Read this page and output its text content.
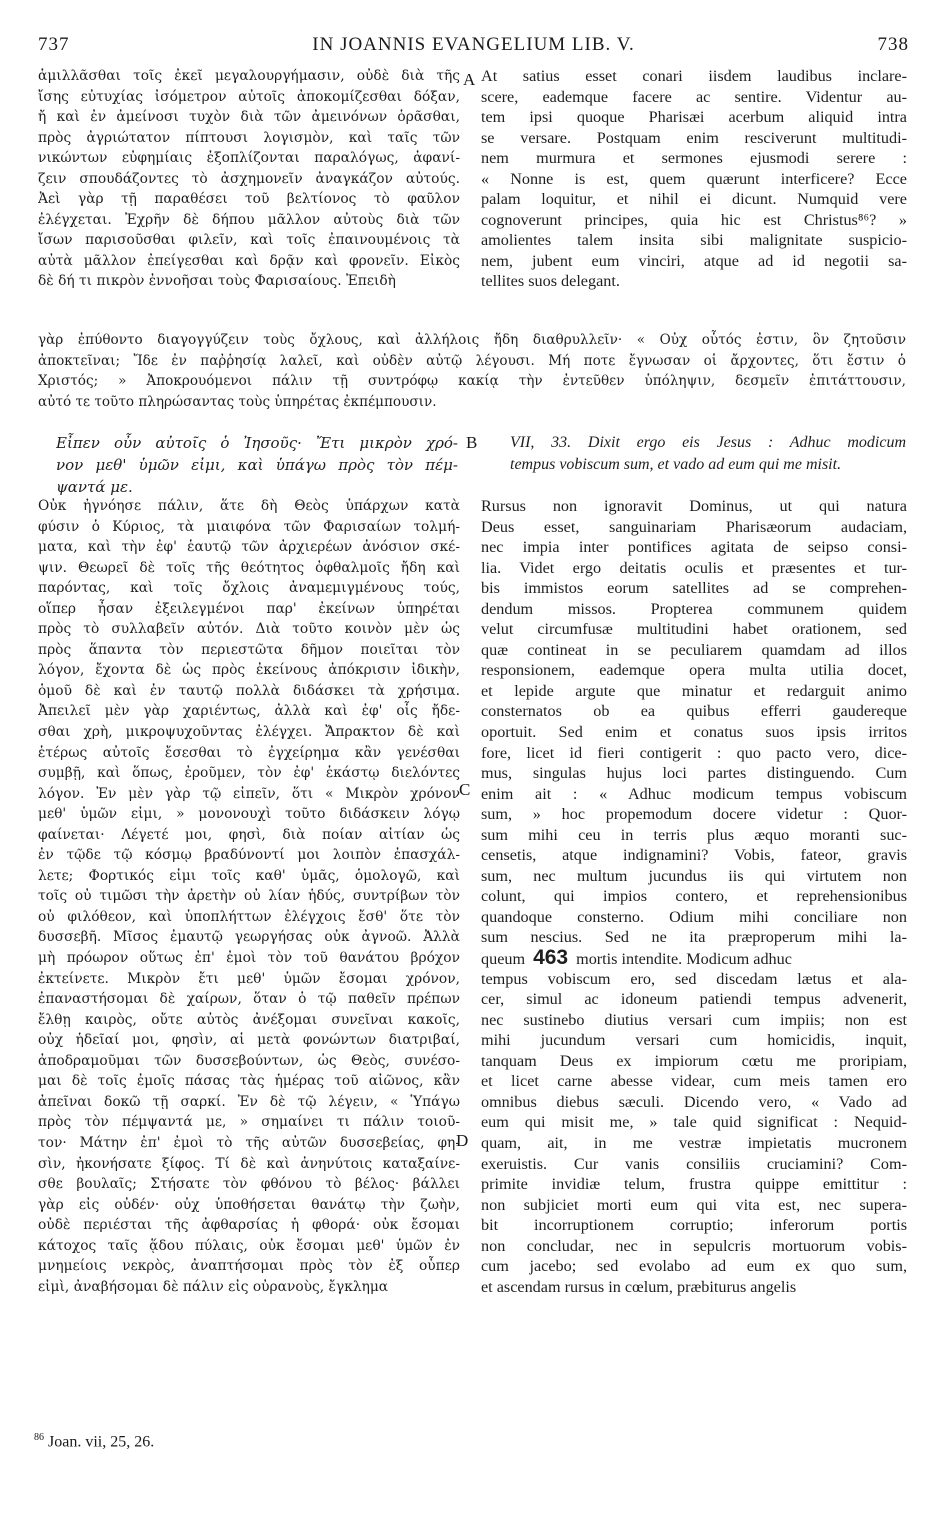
737	IN JOANNIS EVANGELIUM LIB. V.	738
ἁμιλλᾶσθαι τοῖς ἐκεῖ μεγαλουργήμασιν, οὐδὲ διὰ τῆς
ἴσης εὐτυχίας ἰσόμετρον αὐτοῖς ἀποκομίζεσθαι δόξαν,
ἤ καὶ ἐν ἀμείνοσι τυχὸν διὰ τῶν ἀμεινόνων ὁρᾶσθαι,
πρὸς ἀγριώτατον πίπτουσι λογισμὸν, καὶ ταῖς τῶν
νικώντων εὐφημίαις ἐξοπλίζονται παραλόγως, ἀφανί-
ζειν σπουδάζοντες τὸ ἀσχημονεῖν ἀναγκάζον αὐτούς.
Ἀεὶ γὰρ τῇ παραθέσει τοῦ βελτίονος τὸ φαῦλον
ἐλέγχεται. Ἐχρῆν δὲ δήπου μᾶλλον αὐτοὺς διὰ τῶν
ἴσων παρισοῦσθαι φιλεῖν, καὶ τοῖς ἐπαινουμένοις τὰ
αὐτὰ μᾶλλον ἐπείγεσθαι καὶ δρᾷν καὶ φρονεῖν. Εἰκὸς
δὲ δή τι πικρὸν ἐννοῆσαι τοὺς Φαρισαίους. Ἐπειδὴ
A At satius esset conari iisdem laudibus inclare-
scere, eademque facere ac sentire. Videntur au-
tem ipsi quoque Pharisæi acerbum aliquid intra
se versare. Postquam enim resciverunt multitudi-
nem murmura et sermones ejusmodi serere :
« Nonne is est, quem quærunt interficere? Ecce
palam loquitur, et nihil ei dicunt. Numquid vere
cognoverunt principes, quia hic est Christus⁸⁶? »
amolientes talem insita sibi malignitate suspicio-
nem, jubent eum vinciri, atque ad id negotii sa-
tellites suos delegant.
γὰρ ἐπύθοντο διαγογγύζειν τοὺς ὄχλους, καὶ ἀλλήλοις ἤδη διαθρυλλεῖν· « Οὐχ οὗτός ἐστιν, ὃν ζητοῦσιν
ἀποκτεῖναι; Ἴδε ἐν παῤῥησίᾳ λαλεῖ, καὶ οὐδὲν αὐτῷ λέγουσι. Μή ποτε ἔγνωσαν οἱ ἄρχοντες, ὅτι ἔστιν ὁ
Χριστός; » Ἀποκρουόμενοι πάλιν τῇ συντρόφῳ κακίᾳ τὴν ἐντεῦθεν ὑπόληψιν, δεσμεῖν ἐπιτάττουσιν,
αὐτό τε τοῦτο πληρώσαντας τοὺς ὑπηρέτας ἐκπέμπουσιν.
Εἶπεν οὖν αὐτοῖς ὁ Ἰησοῦς· Ἔτι μικρὸν χρό-
νον μεθ' ὑμῶν εἰμι, καὶ ὑπάγω πρὸς τὸν πέμ-
ψαντά με.
B VII, 33. Dixit ergo eis Jesus : Adhuc modicum
tempus vobiscum sum, et vado ad eum qui me misit.
Οὐκ ἠγνόησε πάλιν, ἅτε δὴ Θεὸς ὑπάρχων κατὰ
φύσιν ὁ Κύριος, τὰ μιαιφόνα τῶν Φαρισαίων τολμή-
ματα, καὶ τὴν ἐφ' ἑαυτῷ τῶν ἀρχιερέων ἀνόσιον σκέ-
ψιν. Θεωρεῖ δὲ τοῖς τῆς θεότητος ὀφθαλμοῖς ἤδη καὶ
παρόντας, καὶ τοῖς ὄχλοις ἀναμεμιγμένους τούς,
οἵπερ ἦσαν ἐξειλεγμένοι παρ' ἐκείνων ὑπηρέται
πρὸς τὸ συλλαβεῖν αὐτόν. Διὰ τοῦτο κοινὸν μὲν ὡς
πρὸς ἅπαντα τὸν περιεστῶτα δῆμον ποιεῖται τὸν
λόγον, ἔχοντα δὲ ὡς πρὸς ἐκείνους ἀπόκρισιν ἰδικὴν,
ὁμοῦ δὲ καὶ ἐν ταυτῷ πολλὰ διδάσκει τὰ χρήσιμα.
Ἀπειλεῖ μὲν γὰρ χαριέντως, ἀλλὰ καὶ ἐφ' οἷς ἤδε-
σθαι χρὴ, μικροψυχοῦντας ἐλέγχει. Ἄπρακτον δὲ καὶ
ἑτέρως αὐτοῖς ἔσεσθαι τὸ ἐγχείρημα κἂν γενέσθαι
συμβῇ, καὶ ὅπως, ἐροῦμεν, τὸν ἐφ' ἑκάστῳ διελόντες
λόγον. Ἐν μὲν γὰρ τῷ εἰπεῖν, ὅτι « Μικρὸν χρόνον
μεθ' ὑμῶν εἰμι, » μονονουχὶ τοῦτο διδάσκειν λόγῳ
φαίνεται· Λέγετέ μοι, φησὶ, διὰ ποίαν αἰτίαν ὡς
ἐν τῷδε τῷ κόσμῳ βραδύνοντί μοι λοιπὸν ἐπασχάλ-
λετε; Φορτικός εἰμι τοῖς καθ' ὑμᾶς, ὁμολογῶ, καὶ
τοῖς οὐ τιμῶσι τὴν ἀρετὴν οὐ λίαν ἡδύς, συντρίβων τὸν
οὐ φιλόθεον, καὶ ὑποπλήττων ἐλέγχοις ἔσθ' ὅτε τὸν
δυσσεβῆ. Μῖσος ἐμαυτῷ γεωργήσας οὐκ ἀγνοῶ. Ἀλλὰ
μὴ πρόωρον οὕτως ἐπ' ἐμοὶ τὸν τοῦ θανάτου βρόχον
ἐκτείνετε. Μικρὸν ἔτι μεθ' ὑμῶν ἔσομαι χρόνον,
ἐπαναστήσομαι δὲ χαίρων, ὅταν ὁ τῷ παθεῖν πρέπων
ἔλθῃ καιρὸς, οὔτε αὐτὸς ἀνέξομαι συνεῖναι κακοῖς,
οὐχ ἡδεῖαί μοι, φησὶν, αἱ μετὰ φονώντων διατριβαί,
ἀποδραμοῦμαι τῶν δυσσεβούντων, ὡς Θεὸς, συνέσο-
μαι δὲ τοῖς ἐμοῖς πάσας τὰς ἡμέρας τοῦ αἰῶνος, κἂν
ἀπεῖναι δοκῶ τῇ σαρκί. Ἐν δὲ τῷ λέγειν, « Ὑπάγω
πρὸς τὸν πέμψαντά με, » σημαίνει τι πάλιν τοιοῦ-
τον· Μάτην ἐπ' ἐμοὶ τὸ τῆς αὐτῶν δυσσεβείας, φη-
σὶν, ἠκονήσατε ξίφος. Τί δὲ καὶ ἀνηνύτοις καταξαίνε-
σθε βουλαῖς; Στήσατε τὸν φθόνου τὸ βέλος· βάλλει
γὰρ εἰς οὐδέν· οὐχ ὑποθήσεται θανάτῳ τὴν ζωὴν,
οὐδὲ περιέσται τῆς ἀφθαρσίας ἡ φθορά· οὐκ ἔσομαι
κάτοχος ταῖς ᾅδου πύλαις, οὐκ ἔσομαι μεθ' ὑμῶν ἐν
μνημείοις νεκρὸς, ἀναπτήσομαι πρὸς τὸν ἐξ οὗπερ
εἰμὶ, ἀναβήσομαι δὲ πάλιν εἰς οὐρανοὺς, ἔγκλημα
C
D
Rursus non ignoravit Dominus, ut qui natura
Deus esset, sanguinariam Pharisæorum audaciam,
nec impia inter pontifices agitata de seipso consi-
lia. Videt ergo deitatis oculis et præsentes et tur-
bis immistos eorum satellites ad se comprehen-
dendum missos. Propterea communem quidem
velut circumfusæ multitudini habet orationem, sed
quæ contineat in se peculiarem quamdam ad illos
responsionem, eademque opera multa utilia docet,
et lepide argute que minatur et redarguit animo
consternatos ob ea quibus efferri gaudereque
oportuit. Sed enim et conatus suos ipsis irritos
fore, licet id fieri contigerit : quo pacto vero, dice-
mus, singulas hujus loci partes distinguendo. Cum
enim ait : « Adhuc modicum tempus vobiscum
sum, » hoc propemodum docere videtur : Quor-
sum mihi ceu in terris plus æquo moranti suc-
censetis, atque indignamini? Vobis, fateor, gravis
sum, nec multum jucundus iis qui virtutem non
colunt, qui impios contero, et reprehensionibus
quandoque consterno. Odium mihi conciliare non
sum nescius. Sed ne ita præproperum mihi la-
queum 463 mortis intendite. Modicum adhuc
tempus vobiscum ero, sed discedam lætus et ala-
cer, simul ac idoneum patiendi tempus advenerit,
nec sustinebo diutius versari cum impiis; non est
mihi jucundum versari cum homicidis, inquit,
tanquam Deus ex impiorum cœtu me proripiam,
et licet carne abesse videar, cum meis tamen ero
omnibus diebus sæculi. Dicendo vero, « Vado ad
eum qui misit me, » tale quid significat : Nequid-
quam, ait, in me vestræ impietatis mucronem
exeruistis. Cur vanis consiliis cruciamini? Com-
primite invidiæ telum, frustra quippe emittitur :
non subjiciet morti eum qui vita est, nec supera-
bit incorruptionem corruptio; inferorum portis
non concludar, nec in sepulcris mortuorum vobis-
cum jacebo; sed evolabo ad eum ex quo sum,
et ascendam rursus in cœlum, præbiturus angelis
$^{86}$ Joan. vii, 25, 26.
